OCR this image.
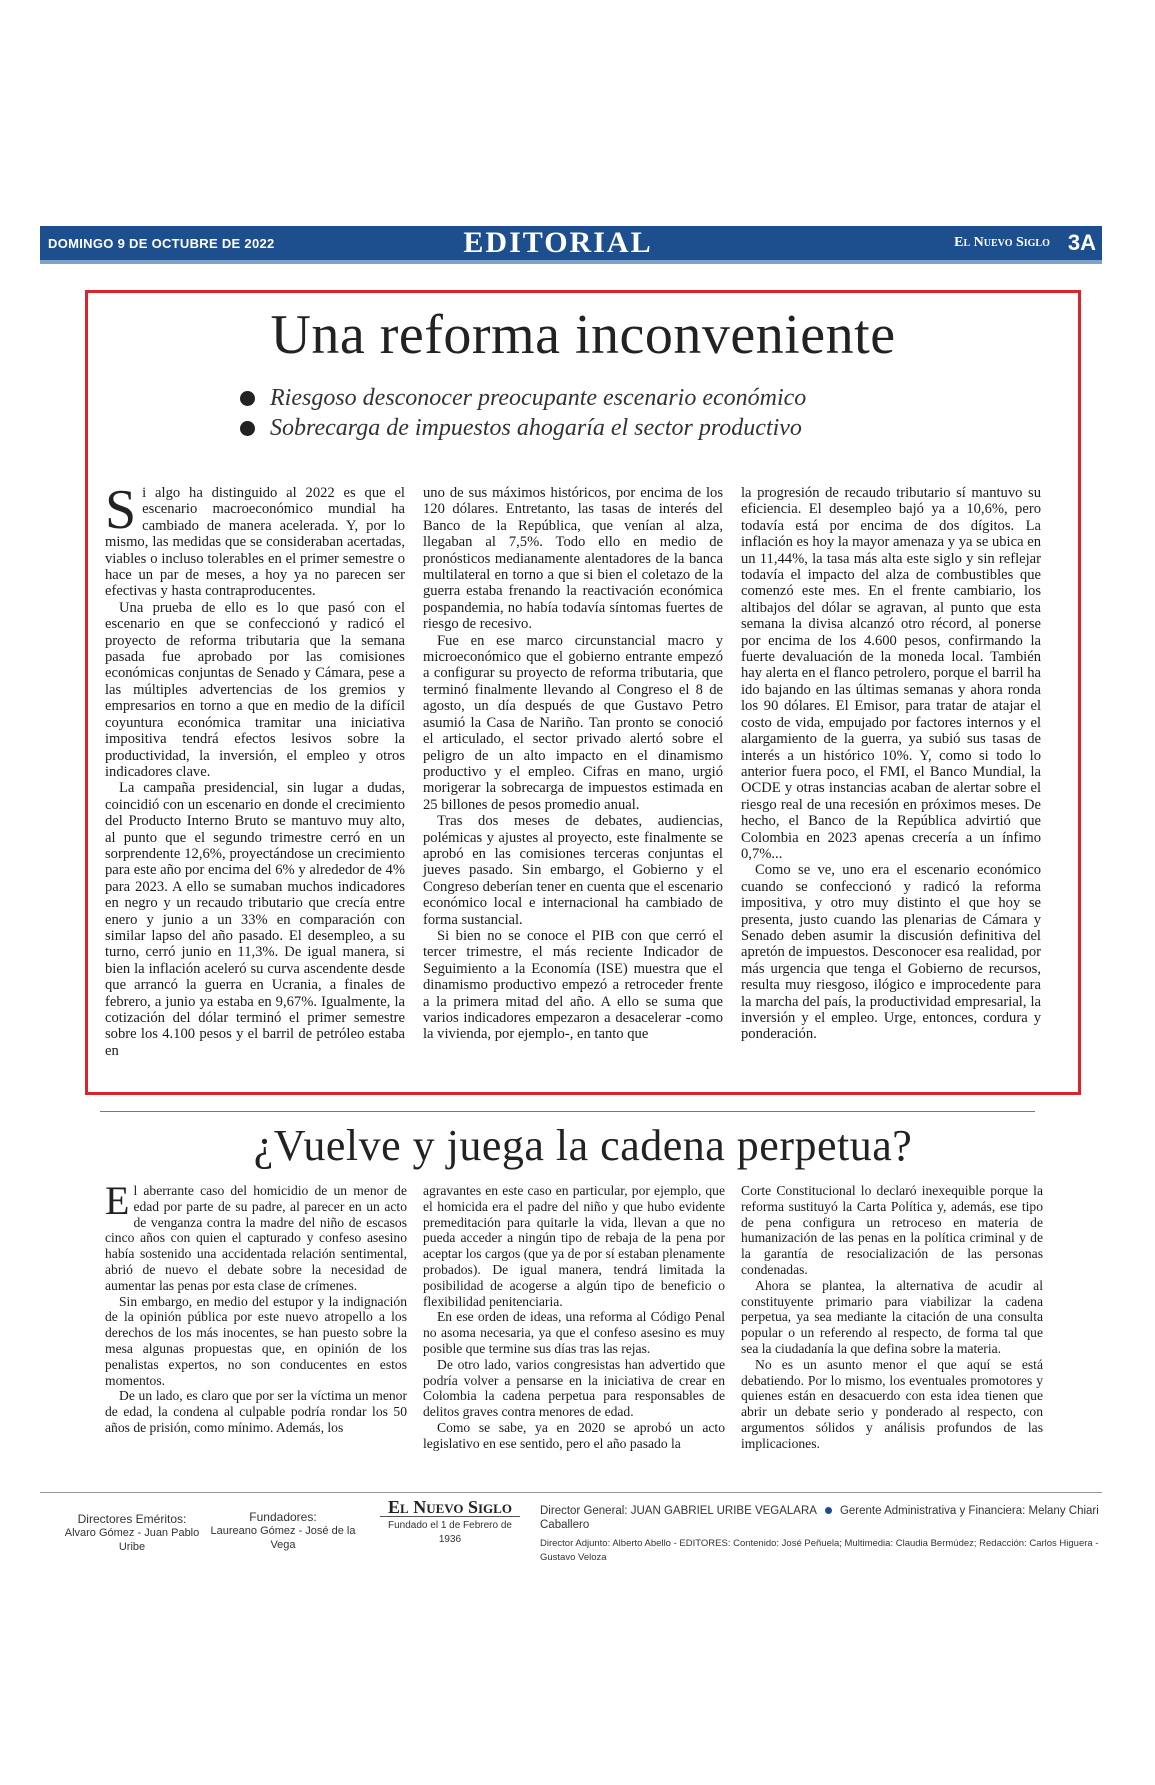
DOMINGO 9 DE OCTUBRE DE 2022	EDITORIAL	El Nuevo Siglo 3A
Una reforma inconveniente
Riesgoso desconocer preocupante escenario económico
Sobrecarga de impuestos ahogaría el sector productivo

Si algo ha distinguido al 2022 es que el escenario macroeconómico mundial ha cambiado de manera acelerada. Y, por lo mismo, las medidas que se consideraban acertadas, viables o incluso tolerables en el primer semestre o hace un par de meses, a hoy ya no parecen ser efectivas y hasta contraproducentes.

Una prueba de ello es lo que pasó con el escenario en que se confeccionó y radicó el proyecto de reforma tributaria que la semana pasada fue aprobado por las comisiones económicas conjuntas de Senado y Cámara, pese a las múltiples advertencias de los gremios y empresarios en torno a que en medio de la difícil coyuntura económica tramitar una iniciativa impositiva tendrá efectos lesivos sobre la productividad, la inversión, el empleo y otros indicadores clave.

La campaña presidencial, sin lugar a dudas, coincidió con un escenario en donde el crecimiento del Producto Interno Bruto se mantuvo muy alto, al punto que el segundo trimestre cerró en un sorprendente 12,6%, proyectándose un crecimiento para este año por encima del 6% y alrededor de 4% para 2023. A ello se sumaban muchos indicadores en negro y un recaudo tributario que crecía entre enero y junio a un 33% en comparación con similar lapso del año pasado. El desempleo, a su turno, cerró junio en 11,3%. De igual manera, si bien la inflación aceleró su curva ascendente desde que arrancó la guerra en Ucrania, a finales de febrero, a junio ya estaba en 9,67%. Igualmente, la cotización del dólar terminó el primer semestre sobre los 4.100 pesos y el barril de petróleo estaba en

uno de sus máximos históricos, por encima de los 120 dólares. Entretanto, las tasas de interés del Banco de la República, que venían al alza, llegaban al 7,5%. Todo ello en medio de pronósticos medianamente alentadores de la banca multilateral en torno a que si bien el coletazo de la guerra estaba frenando la reactivación económica pospandemia, no había todavía síntomas fuertes de riesgo de recesivo.

Fue en ese marco circunstancial macro y microeconómico que el gobierno entrante empezó a configurar su proyecto de reforma tributaria, que terminó finalmente llevando al Congreso el 8 de agosto, un día después de que Gustavo Petro asumió la Casa de Nariño. Tan pronto se conoció el articulado, el sector privado alertó sobre el peligro de un alto impacto en el dinamismo productivo y el empleo. Cifras en mano, urgió morigerar la sobrecarga de impuestos estimada en 25 billones de pesos promedio anual.

Tras dos meses de debates, audiencias, polémicas y ajustes al proyecto, este finalmente se aprobó en las comisiones terceras conjuntas el jueves pasado. Sin embargo, el Gobierno y el Congreso deberían tener en cuenta que el escenario económico local e internacional ha cambiado de forma sustancial.

Si bien no se conoce el PIB con que cerró el tercer trimestre, el más reciente Indicador de Seguimiento a la Economía (ISE) muestra que el dinamismo productivo empezó a retroceder frente a la primera mitad del año. A ello se suma que varios indicadores empezaron a desacelerar -como la vivienda, por ejemplo-, en tanto que

la progresión de recaudo tributario sí mantuvo su eficiencia. El desempleo bajó ya a 10,6%, pero todavía está por encima de dos dígitos. La inflación es hoy la mayor amenaza y ya se ubica en un 11,44%, la tasa más alta este siglo y sin reflejar todavía el impacto del alza de combustibles que comenzó este mes. En el frente cambiario, los altibajos del dólar se agravan, al punto que esta semana la divisa alcanzó otro récord, al ponerse por encima de los 4.600 pesos, confirmando la fuerte devaluación de la moneda local. También hay alerta en el flanco petrolero, porque el barril ha ido bajando en las últimas semanas y ahora ronda los 90 dólares. El Emisor, para tratar de atajar el costo de vida, empujado por factores internos y el alargamiento de la guerra, ya subió sus tasas de interés a un histórico 10%. Y, como si todo lo anterior fuera poco, el FMI, el Banco Mundial, la OCDE y otras instancias acaban de alertar sobre el riesgo real de una recesión en próximos meses. De hecho, el Banco de la República advirtió que Colombia en 2023 apenas crecería a un ínfimo 0,7%...

Como se ve, uno era el escenario económico cuando se confeccionó y radicó la reforma impositiva, y otro muy distinto el que hoy se presenta, justo cuando las plenarias de Cámara y Senado deben asumir la discusión definitiva del apretón de impuestos. Desconocer esa realidad, por más urgencia que tenga el Gobierno de recursos, resulta muy riesgoso, ilógico e improcedente para la marcha del país, la productividad empresarial, la inversión y el empleo. Urge, entonces, cordura y ponderación.

¿Vuelve y juega la cadena perpetua?

El aberrante caso del homicidio de un menor de edad por parte de su padre, al parecer en un acto de venganza contra la madre del niño de escasos cinco años con quien el capturado y confeso asesino había sostenido una accidentada relación sentimental, abrió de nuevo el debate sobre la necesidad de aumentar las penas por esta clase de crímenes.

Sin embargo, en medio del estupor y la indignación de la opinión pública por este nuevo atropello a los derechos de los más inocentes, se han puesto sobre la mesa algunas propuestas que, en opinión de los penalistas expertos, no son conducentes en estos momentos.

De un lado, es claro que por ser la víctima un menor de edad, la condena al culpable podría rondar los 50 años de prisión, como mínimo. Además, los

agravantes en este caso en particular, por ejemplo, que el homicida era el padre del niño y que hubo evidente premeditación para quitarle la vida, llevan a que no pueda acceder a ningún tipo de rebaja de la pena por aceptar los cargos (que ya de por sí estaban plenamente probados). De igual manera, tendrá limitada la posibilidad de acogerse a algún tipo de beneficio o flexibilidad penitenciaria.

En ese orden de ideas, una reforma al Código Penal no asoma necesaria, ya que el confeso asesino es muy posible que termine sus días tras las rejas.

De otro lado, varios congresistas han advertido que podría volver a pensarse en la iniciativa de crear en Colombia la cadena perpetua para responsables de delitos graves contra menores de edad.

Como se sabe, ya en 2020 se aprobó un acto legislativo en ese sentido, pero el año pasado la

Corte Constitucional lo declaró inexequible porque la reforma sustituyó la Carta Política y, además, ese tipo de pena configura un retroceso en materia de humanización de las penas en la política criminal y de la garantía de resocialización de las personas condenadas.

Ahora se plantea, la alternativa de acudir al constituyente primario para viabilizar la cadena perpetua, ya sea mediante la citación de una consulta popular o un referendo al respecto, de forma tal que sea la ciudadanía la que defina sobre la materia.

No es un asunto menor el que aquí se está debatiendo. Por lo mismo, los eventuales promotores y quienes están en desacuerdo con esta idea tienen que abrir un debate serio y ponderado al respecto, con argumentos sólidos y análisis profundos de las implicaciones.

Directores Eméritos:
Alvaro Gómez - Juan Pablo Uribe
Fundadores:
Laureano Gómez - José de la Vega
El Nuevo Siglo
Fundado el 1 de Febrero de 1936
Director General: JUAN GABRIEL URIBE VEGALARA Gerente Administrativa y Financiera: Melany Chiari Caballero
Director Adjunto: Alberto Abello - EDITORES: Contenido: José Peñuela; Multimedia: Claudia Bermúdez; Redacción: Carlos Higuera - Gustavo Veloza
